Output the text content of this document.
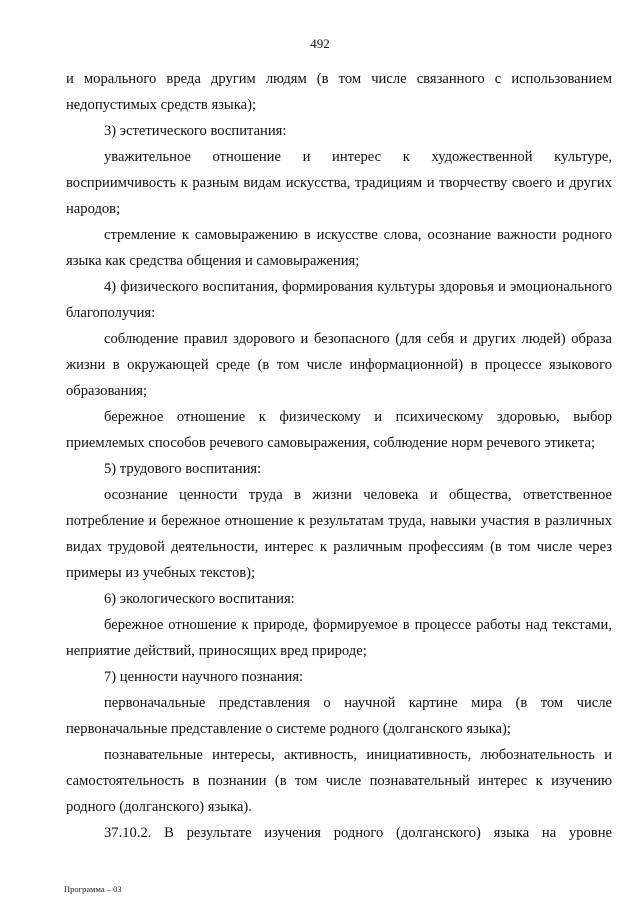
492

и морального вреда другим людям (в том числе связанного с использованием недопустимых средств языка);

3) эстетического воспитания:

уважительное отношение и интерес к художественной культуре, восприимчивость к разным видам искусства, традициям и творчеству своего и других народов;

стремление к самовыражению в искусстве слова, осознание важности родного языка как средства общения и самовыражения;

4) физического воспитания, формирования культуры здоровья и эмоционального благополучия:

соблюдение правил здорового и безопасного (для себя и других людей) образа жизни в окружающей среде (в том числе информационной) в процессе языкового образования;

бережное отношение к физическому и психическому здоровью, выбор приемлемых способов речевого самовыражения, соблюдение норм речевого этикета;

5) трудового воспитания:

осознание ценности труда в жизни человека и общества, ответственное потребление и бережное отношение к результатам труда, навыки участия в различных видах трудовой деятельности, интерес к различным профессиям (в том числе через примеры из учебных текстов);

6) экологического воспитания:

бережное отношение к природе, формируемое в процессе работы над текстами, неприятие действий, приносящих вред природе;

7) ценности научного познания:

первоначальные представления о научной картине мира (в том числе первоначальные представление о системе родного (долганского языка);

познавательные интересы, активность, инициативность, любознательность и самостоятельность в познании (в том числе познавательный интерес к изучению родного (долганского) языка).

37.10.2. В результате изучения родного (долганского) языка на уровне

Программа – 03
